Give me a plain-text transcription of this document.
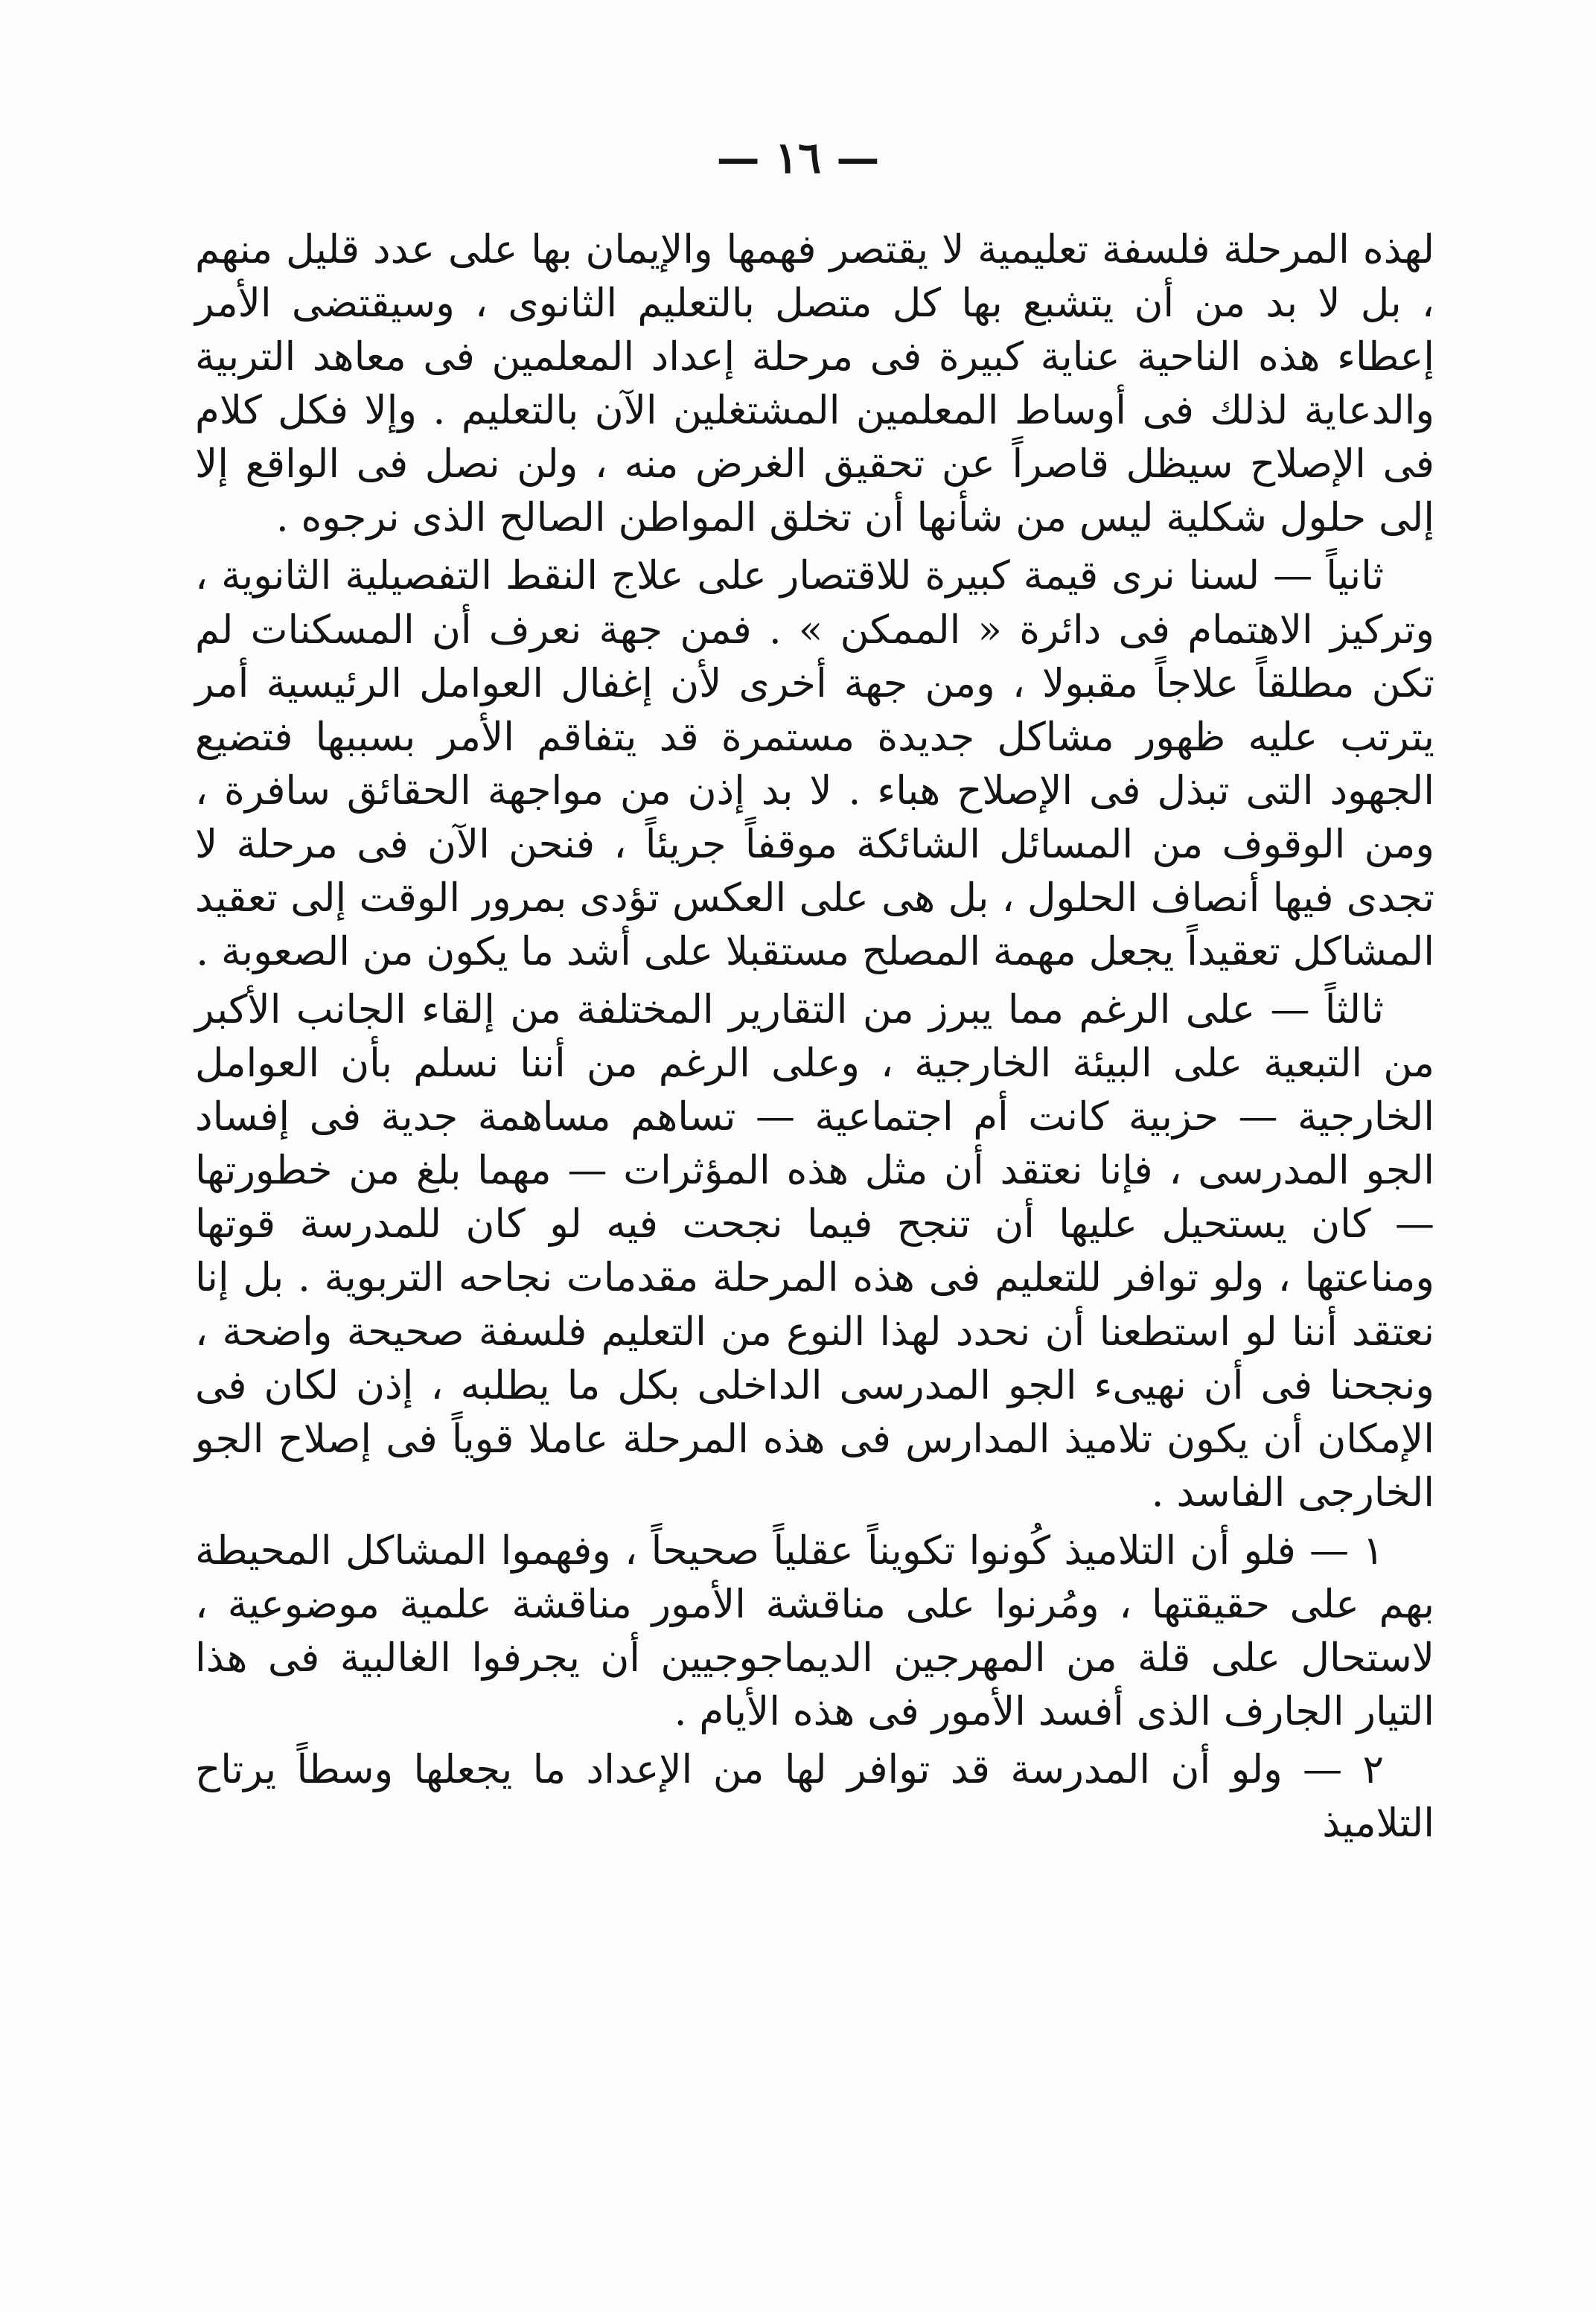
— ١٦ —

لهذه المرحلة فلسفة تعليمية لا يقتصر فهمها والإيمان بها على عدد قليل منهم ، بل لا بد من أن يتشبع بها كل متصل بالتعليم الثانوى ، وسيقتضى الأمر إعطاء هذه الناحية عناية كبيرة فى مرحلة إعداد المعلمين فى معاهد التربية والدعاية لذلك فى أوساط المعلمين المشتغلين الآن بالتعليم . وإلا فكل كلام فى الإصلاح سيظل قاصراً عن تحقيق الغرض منه ، ولن نصل فى الواقع إلا إلى حلول شكلية ليس من شأنها أن تخلق المواطن الصالح الذى نرجوه .

ثانياً — لسنا نرى قيمة كبيرة للاقتصار على علاج النقط التفصيلية الثانوية ، وتركيز الاهتمام فى دائرة « الممكن » . فمن جهة نعرف أن المسكنات لم تكن مطلقاً علاجاً مقبولا ، ومن جهة أخرى لأن إغفال العوامل الرئيسية أمر يترتب عليه ظهور مشاكل جديدة مستمرة قد يتفاقم الأمر بسببها فتضيع الجهود التى تبذل فى الإصلاح هباء . لا بد إذن من مواجهة الحقائق سافرة ، ومن الوقوف من المسائل الشائكة موقفاً جريئاً ، فنحن الآن فى مرحلة لا تجدى فيها أنصاف الحلول ، بل هى على العكس تؤدى بمرور الوقت إلى تعقيد المشاكل تعقيداً يجعل مهمة المصلح مستقبلا على أشد ما يكون من الصعوبة .

ثالثاً — على الرغم مما يبرز من التقارير المختلفة من إلقاء الجانب الأكبر من التبعية على البيئة الخارجية ، وعلى الرغم من أننا نسلم بأن العوامل الخارجية — حزبية كانت أم اجتماعية — تساهم مساهمة جدية فى إفساد الجو المدرسى ، فإنا نعتقد أن مثل هذه المؤثرات — مهما بلغ من خطورتها — كان يستحيل عليها أن تنجح فيما نجحت فيه لو كان للمدرسة قوتها ومناعتها ، ولو توافر للتعليم فى هذه المرحلة مقدمات نجاحه التربوية . بل إنا نعتقد أننا لو استطعنا أن نحدد لهذا النوع من التعليم فلسفة صحيحة واضحة ، ونجحنا فى أن نهيىء الجو المدرسى الداخلى بكل ما يطلبه ، إذن لكان فى الإمكان أن يكون تلاميذ المدارس فى هذه المرحلة عاملا قوياً فى إصلاح الجو الخارجى الفاسد .

١ — فلو أن التلاميذ كُونوا تكويناً عقلياً صحيحاً ، وفهموا المشاكل المحيطة بهم على حقيقتها ، ومُرنوا على مناقشة الأمور مناقشة علمية موضوعية ، لاستحال على قلة من المهرجين الديماجوجيين أن يجرفوا الغالبية فى هذا التيار الجارف الذى أفسد الأمور فى هذه الأيام .

٢ — ولو أن المدرسة قد توافر لها من الإعداد ما يجعلها وسطاً يرتاح التلاميذ
